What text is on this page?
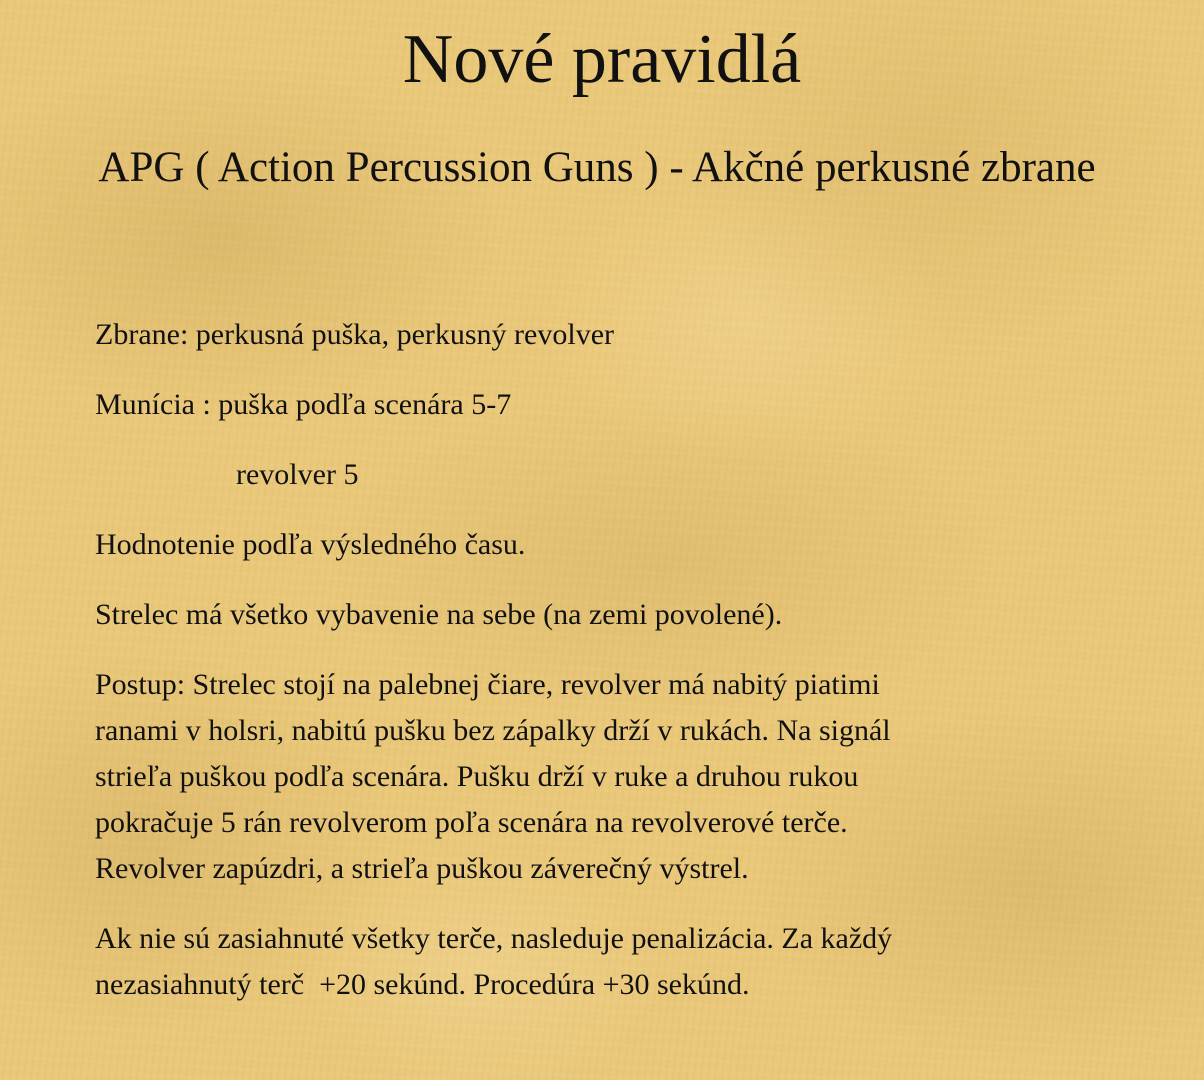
Nové pravidlá
APG ( Action Percussion Guns ) - Akčné perkusné zbrane

Zbrane: perkusná puška, perkusný revolver

Munícia : puška podľa scenára 5-7

revolver 5

Hodnotenie podľa výsledného času.

Strelec má všetko vybavenie na sebe (na zemi povolené).

Postup: Strelec stojí na palebnej čiare, revolver má nabitý piatimi

ranami v holsri, nabitú pušku bez zápalky drží v rukách. Na signál

strieľa puškou podľa scenára. Pušku drží v ruke a druhou rukou

pokračuje 5 rán revolverom poľa scenára na revolverové terče.

Revolver zapúzdri, a strieľa puškou záverečný výstrel.

Ak nie sú zasiahnuté všetky terče, nasleduje penalizácia. Za každý

nezasiahnutý terč  +20 sekúnd. Procedúra +30 sekúnd.
